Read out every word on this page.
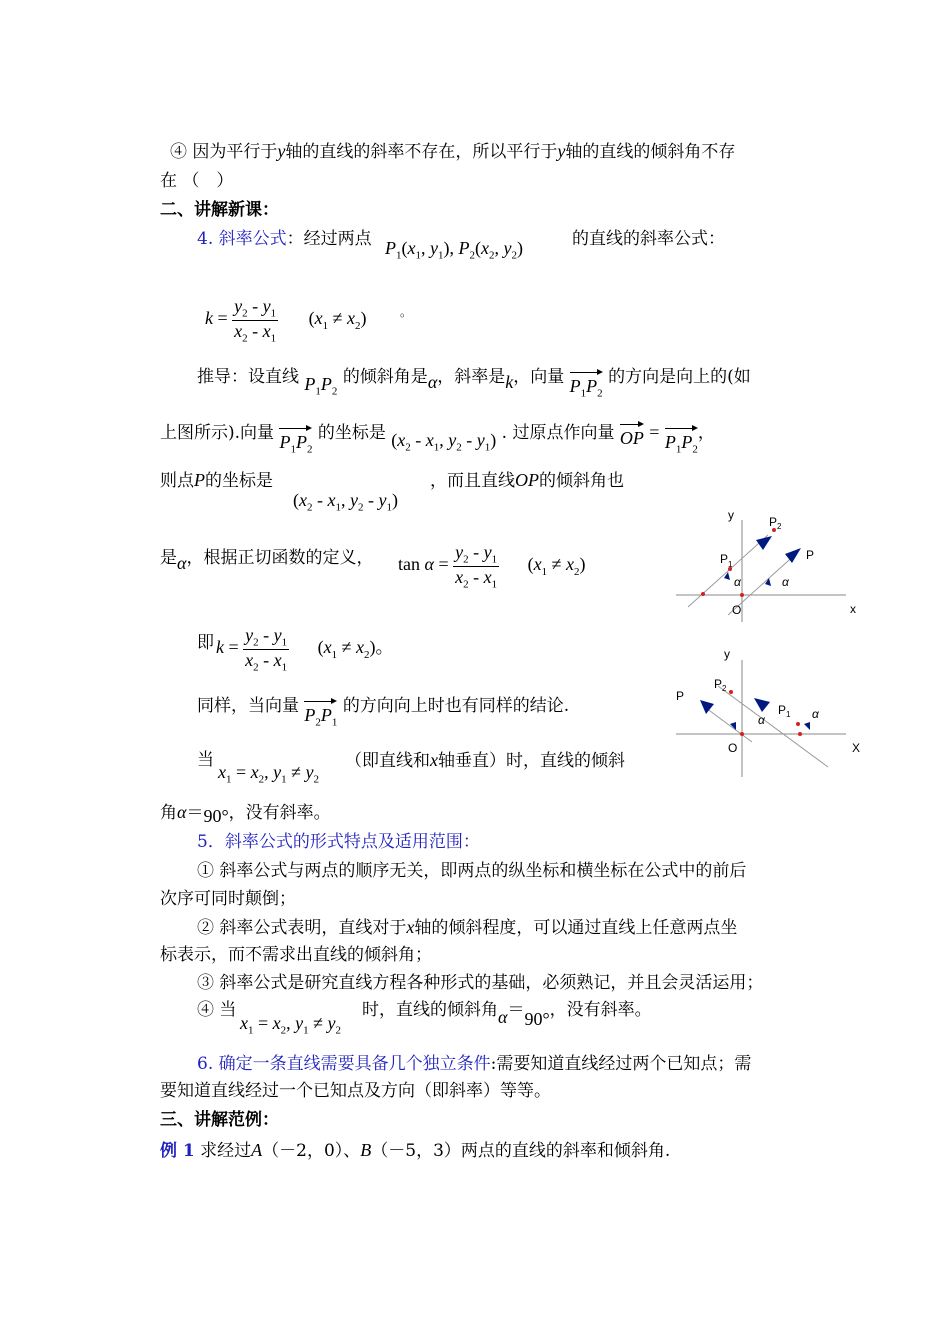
④ 因为平行于y轴的直线的斜率不存在，所以平行于y轴的直线的倾斜角不存
在 （　）
二、讲解新课：
4. 斜率公式：经过两点 $P_1(x_1$, $y_1$), $P_2(x_2$, $y_2$)	的直线的斜率公式：
$k = \frac{y_2 - y_1}{x_2 - x_1} (x_1 \ne x_2)$	。
推导：设直线 $P_1P_2$ 的倾斜角是α，斜率是k，向量 $P_1P_2$ 的方向是向上的(如
上图所示).向量 $P_1P_2$ 的坐标是 ($x_2 - x_1$, $y_2 - y_1$) . 过原点作向量 OP = $P_1P_2$，
则点P的坐标是	，而且直线OP的倾斜角也
($x_2 - x_1$, $y_2 - y_1$)
是α，根据正切函数的定义， $\tan \alpha = \frac{y_2 - y_1}{x_2 - x_1} (x_1 \ne x_2)$
即 $k = \frac{y_2 - y_1}{x_2 - x_1} (x_1 \ne x_2)$。
同样，当向量 $P_2P_1$ 的方向向上时也有同样的结论.
当
$x_1 = x_2$, $y_1 \ne y_2$
（即直线和x轴垂直）时，直线的倾斜
角α＝90°，没有斜率。
5．斜率公式的形式特点及适用范围：
① 斜率公式与两点的顺序无关，即两点的纵坐标和横坐标在公式中的前后
次序可同时颠倒；
② 斜率公式表明，直线对于x轴的倾斜程度，可以通过直线上任意两点坐
标表示，而不需求出直线的倾斜角；
③ 斜率公式是研究直线方程各种形式的基础，必须熟记，并且会灵活运用；
④ 当
$x_1 = x_2$, $y_1 \ne y_2$
时，直线的倾斜角α＝90°，没有斜率。
6. 确定一条直线需要具备几个独立条件:需要知道直线经过两个已知点；需
要知道直线经过一个已知点及方向（即斜率）等等。
三、讲解范例：
例 1 求经过A（－2，0）、B（－5，3）两点的直线的斜率和倾斜角.
y
x
O
P 1
P 2
P
α	α
y
X
O
P 2
P 1
P
α	α
